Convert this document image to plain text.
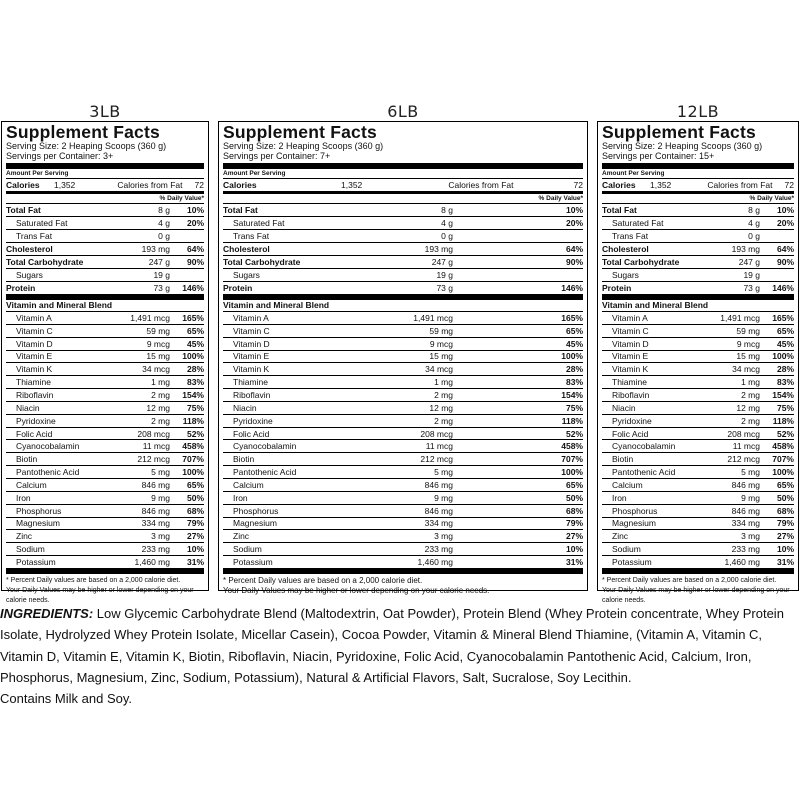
3LB	6LB	12LB
Supplement Facts
Serving Size: 2 Heaping Scoops (360 g)
Servings per Container: 3+
Amount Per Serving
Calories	1,352	Calories from Fat 72
% Daily Value*
Total Fat	8 g	10%
Saturated Fat	4 g	20%
Trans Fat	0 g
Cholesterol	193 mg	64%
Total Carbohydrate	247 g	90%
Sugars	19 g
Protein	73 g	146%
Vitamin and Mineral Blend
Vitamin A	1,491 mcg	165%
Vitamin C	59 mg	65%
Vitamin D	9 mcg	45%
Vitamin E	15 mg	100%
Vitamin K	34 mcg	28%
Thiamine	1 mg	83%
Riboflavin	2 mg	154%
Niacin	12 mg	75%
Pyridoxine	2 mg	118%
Folic Acid	208 mcg	52%
Cyanocobalamin	11 mcg	458%
Biotin	212 mcg	707%
Pantothenic Acid	5 mg	100%
Calcium	846 mg	65%
Iron	9 mg	50%
Phosphorus	846 mg	68%
Magnesium	334 mg	79%
Zinc	3 mg	27%
Sodium	233 mg	10%
Potassium	1,460 mg	31%
* Percent Daily values are based on a 2,000 calorie diet.
Your Daily Values may be higher or lower depending on your calorie needs.
Supplement Facts
Serving Size: 2 Heaping Scoops (360 g)
Servings per Container: 7+
Amount Per Serving
Calories	1,352	Calories from Fat	72
% Daily Value*
Total Fat	8 g	10%
Saturated Fat	4 g	20%
Trans Fat	0 g
Cholesterol	193 mg	64%
Total Carbohydrate	247 g	90%
Sugars	19 g
Protein	73 g	146%
Vitamin and Mineral Blend
Vitamin A	1,491 mcg	165%
Vitamin C	59 mg	65%
Vitamin D	9 mcg	45%
Vitamin E	15 mg	100%
Vitamin K	34 mcg	28%
Thiamine	1 mg	83%
Riboflavin	2 mg	154%
Niacin	12 mg	75%
Pyridoxine	2 mg	118%
Folic Acid	208 mcg	52%
Cyanocobalamin	11 mcg	458%
Biotin	212 mcg	707%
Pantothenic Acid	5 mg	100%
Calcium	846 mg	65%
Iron	9 mg	50%
Phosphorus	846 mg	68%
Magnesium	334 mg	79%
Zinc	3 mg	27%
Sodium	233 mg	10%
Potassium	1,460 mg	31%
* Percent Daily values are based on a 2,000 calorie diet.
Your Daily Values may be higher or lower depending on your calorie needs.
Supplement Facts
Serving Size: 2 Heaping Scoops (360 g)
Servings per Container: 15+
Amount Per Serving
Calories	1,352	Calories from Fat 72
% Daily Value*
Total Fat	8 g	10%
Saturated Fat	4 g	20%
Trans Fat	0 g
Cholesterol	193 mg	64%
Total Carbohydrate	247 g	90%
Sugars	19 g
Protein	73 g	146%
Vitamin and Mineral Blend
Vitamin A	1,491 mcg	165%
Vitamin C	59 mg	65%
Vitamin D	9 mcg	45%
Vitamin E	15 mg	100%
Vitamin K	34 mcg	28%
Thiamine	1 mg	83%
Riboflavin	2 mg	154%
Niacin	12 mg	75%
Pyridoxine	2 mg	118%
Folic Acid	208 mcg	52%
Cyanocobalamin	11 mcg	458%
Biotin	212 mcg	707%
Pantothenic Acid	5 mg	100%
Calcium	846 mg	65%
Iron	9 mg	50%
Phosphorus	846 mg	68%
Magnesium	334 mg	79%
Zinc	3 mg	27%
Sodium	233 mg	10%
Potassium	1,460 mg	31%
* Percent Daily values are based on a 2,000 calorie diet.
Your Daily Values may be higher or lower depending on your calorie needs.
INGREDIENTS: Low Glycemic Carbohydrate Blend (Maltodextrin, Oat Powder), Protein Blend (Whey Protein concentrate, Whey Protein Isolate, Hydrolyzed Whey Protein Isolate, Micellar Casein), Cocoa Powder, Vitamin & Mineral Blend Thiamine, (Vitamin A, Vitamin C, Vitamin D, Vitamin E, Vitamin K, Biotin, Riboflavin, Niacin, Pyridoxine, Folic Acid, Cyanocobalamin Pantothenic Acid, Calcium, Iron, Phosphorus, Magnesium, Zinc, Sodium, Potassium), Natural & Artificial Flavors, Salt, Sucralose, Soy Lecithin.
Contains Milk and Soy.
